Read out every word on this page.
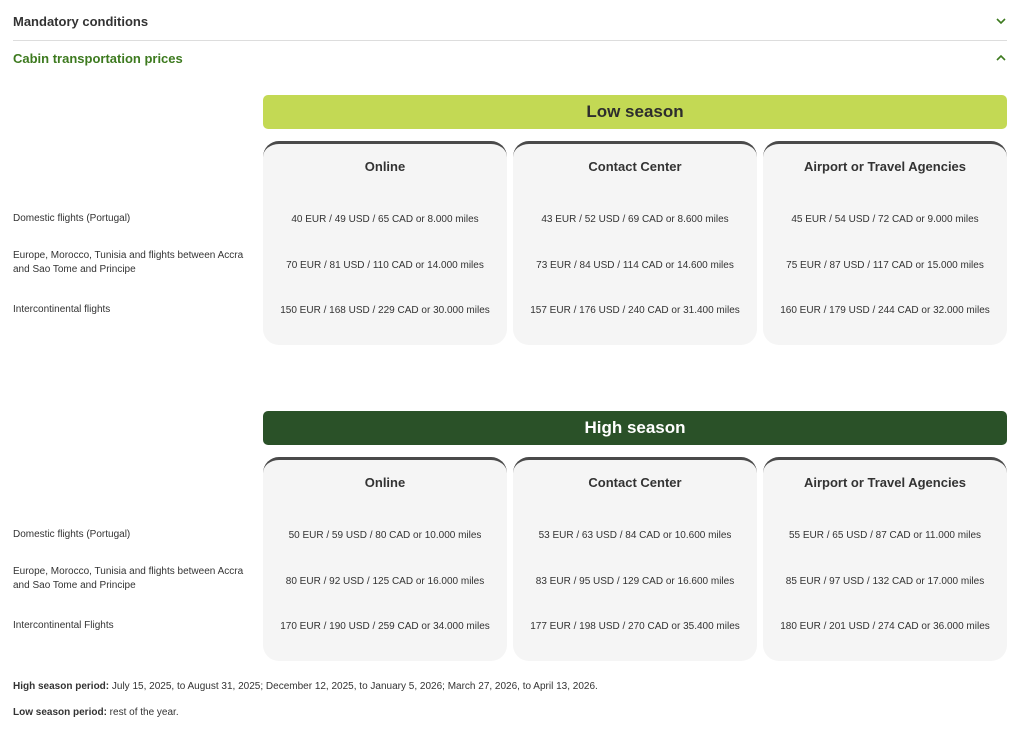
Mandatory conditions
Cabin transportation prices
Low season
Domestic flights (Portugal)
Europe, Morocco, Tunisia and flights between Accra and Sao Tome and Principe
Intercontinental flights
Online
40 EUR / 49 USD / 65 CAD or 8.000 miles
70 EUR / 81 USD / 110 CAD or 14.000 miles
150 EUR / 168 USD / 229 CAD or 30.000 miles
Contact Center
43 EUR / 52 USD / 69 CAD or 8.600 miles
73 EUR / 84 USD / 114 CAD or 14.600 miles
157 EUR / 176 USD / 240 CAD or 31.400 miles
Airport or Travel Agencies
45 EUR / 54 USD / 72 CAD or 9.000 miles
75 EUR / 87 USD / 117 CAD or 15.000 miles
160 EUR / 179 USD / 244 CAD or 32.000 miles
High season
Domestic flights (Portugal)
Europe, Morocco, Tunisia and flights between Accra and Sao Tome and Principe
Intercontinental Flights
Online
50 EUR / 59 USD / 80 CAD or 10.000 miles
80 EUR / 92 USD / 125 CAD or 16.000 miles
170 EUR / 190 USD / 259 CAD or 34.000 miles
Contact Center
53 EUR / 63 USD / 84 CAD or 10.600 miles
83 EUR / 95 USD / 129 CAD or 16.600 miles
177 EUR / 198 USD / 270 CAD or 35.400 miles
Airport or Travel Agencies
55 EUR / 65 USD / 87 CAD or 11.000 miles
85 EUR / 97 USD / 132 CAD or 17.000 miles
180 EUR / 201 USD / 274 CAD or 36.000 miles
High season period: July 15, 2025, to August 31, 2025; December 12, 2025, to January 5, 2026; March 27, 2026, to April 13, 2026.
Low season period: rest of the year.
